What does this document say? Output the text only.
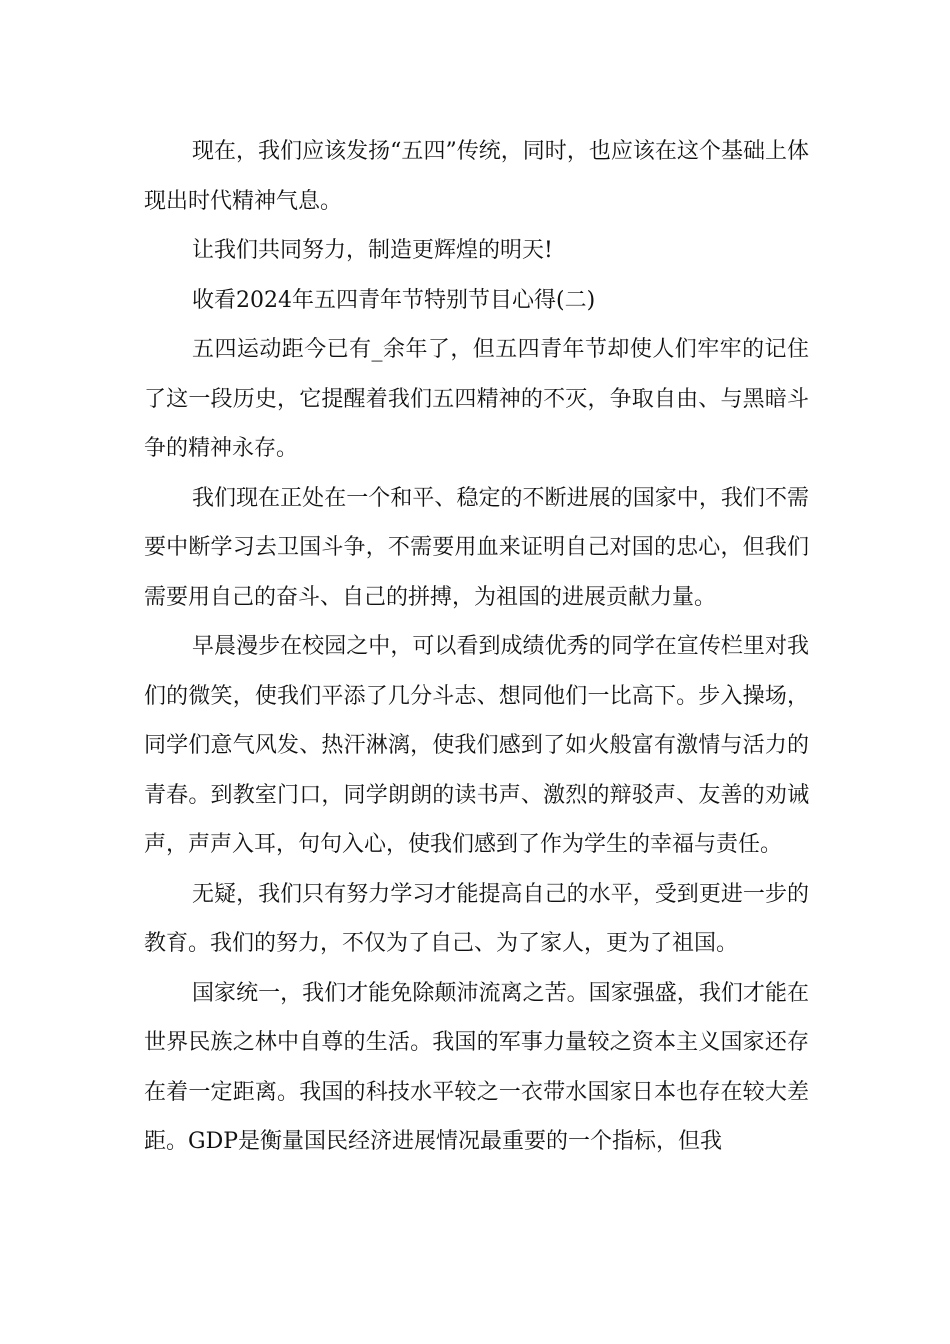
现在，我们应该发扬“五四”传统，同时，也应该在这个基础上体现出时代精神气息。

让我们共同努力，制造更辉煌的明天!

收看2024年五四青年节特别节目心得(二)

五四运动距今已有_余年了，但五四青年节却使人们牢牢的记住了这一段历史，它提醒着我们五四精神的不灭，争取自由、与黑暗斗争的精神永存。

我们现在正处在一个和平、稳定的不断进展的国家中，我们不需要中断学习去卫国斗争，不需要用血来证明自己对国的忠心，但我们需要用自己的奋斗、自己的拼搏，为祖国的进展贡献力量。

早晨漫步在校园之中，可以看到成绩优秀的同学在宣传栏里对我们的微笑，使我们平添了几分斗志、想同他们一比高下。步入操场，同学们意气风发、热汗淋漓，使我们感到了如火般富有激情与活力的青春。到教室门口，同学朗朗的读书声、激烈的辩驳声、友善的劝诫声，声声入耳，句句入心，使我们感到了作为学生的幸福与责任。

无疑，我们只有努力学习才能提高自己的水平，受到更进一步的教育。我们的努力，不仅为了自己、为了家人，更为了祖国。

国家统一，我们才能免除颠沛流离之苦。国家强盛，我们才能在世界民族之林中自尊的生活。我国的军事力量较之资本主义国家还存在着一定距离。我国的科技水平较之一衣带水国家日本也存在较大差距。GDP是衡量国民经济进展情况最重要的一个指标，但我
